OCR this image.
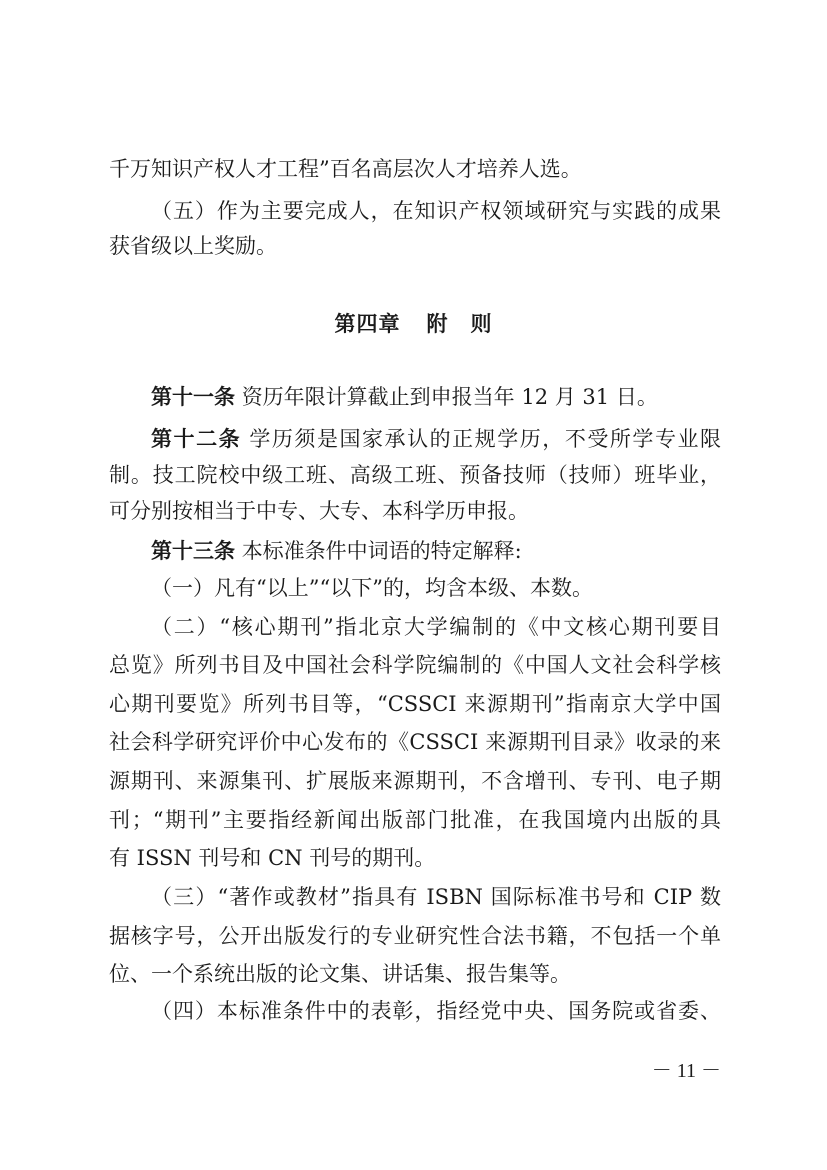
千万知识产权人才工程”百名高层次人才培养人选。
（五）作为主要完成人，在知识产权领域研究与实践的成果
获省级以上奖励。
第四章 附　则
第十一条 资历年限计算截止到申报当年 12 月 31 日。
第十二条 学历须是国家承认的正规学历，不受所学专业限
制。技工院校中级工班、高级工班、预备技师（技师）班毕业，
可分别按相当于中专、大专、本科学历申报。
第十三条 本标准条件中词语的特定解释:
（一）凡有“以上”“以下”的，均含本级、本数。
（二）“核心期刊”指北京大学编制的《中文核心期刊要目
总览》所列书目及中国社会科学院编制的《中国人文社会科学核
心期刊要览》所列书目等，“CSSCI 来源期刊”指南京大学中国
社会科学研究评价中心发布的《CSSCI 来源期刊目录》收录的来
源期刊、来源集刊、扩展版来源期刊，不含增刊、专刊、电子期
刊；“期刊”主要指经新闻出版部门批准，在我国境内出版的具
有 ISSN 刊号和 CN 刊号的期刊。
（三）“著作或教材”指具有 ISBN 国际标准书号和 CIP 数
据核字号，公开出版发行的专业研究性合法书籍，不包括一个单
位、一个系统出版的论文集、讲话集、报告集等。
（四）本标准条件中的表彰，指经党中央、国务院或省委、
－ 11 －
